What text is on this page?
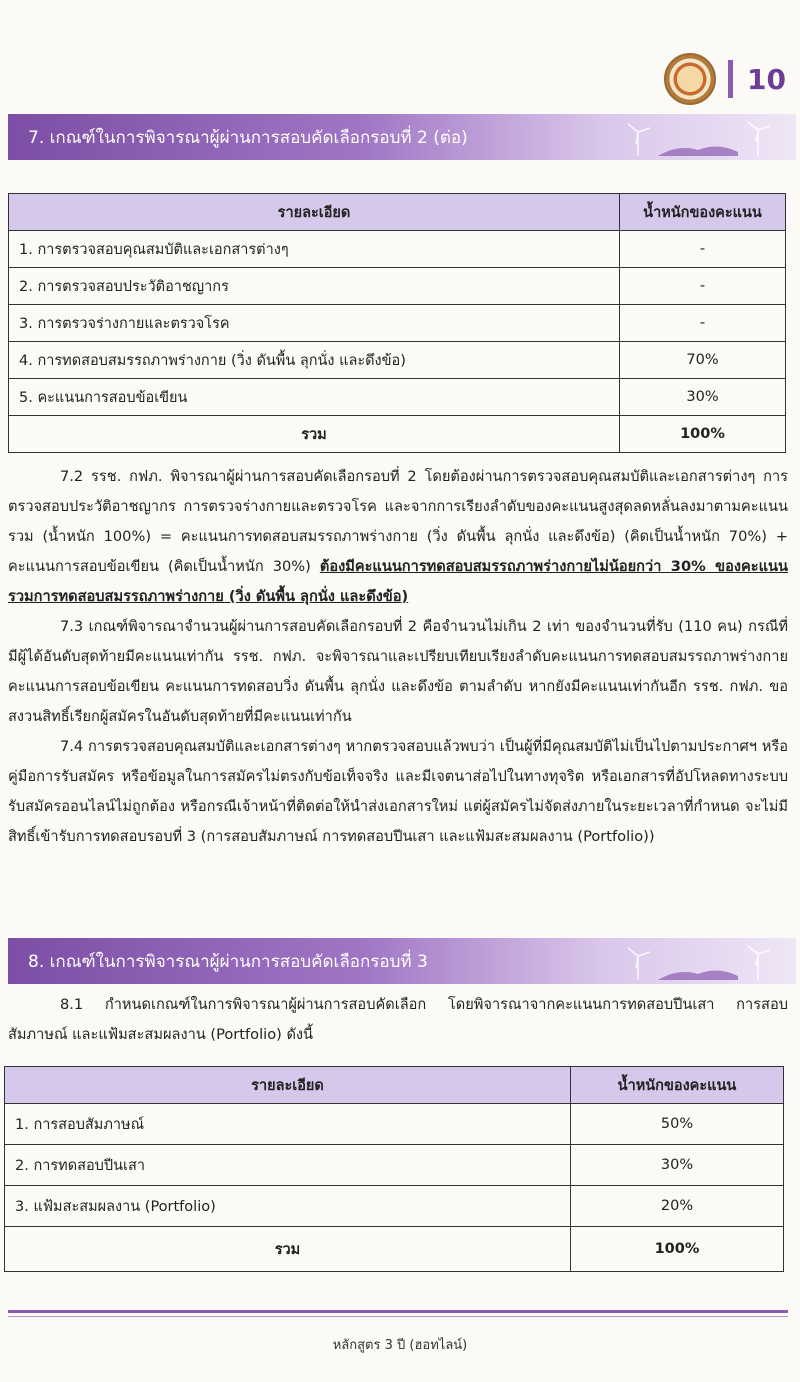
10
7. เกณฑ์ในการพิจารณาผู้ผ่านการสอบคัดเลือกรอบที่ 2 (ต่อ)
รายละเอียด	น้ำหนักของคะแนน
1. การตรวจสอบคุณสมบัติและเอกสารต่างๆ	-
2. การตรวจสอบประวัติอาชญากร	-
3. การตรวจร่างกายและตรวจโรค	-
4. การทดสอบสมรรถภาพร่างกาย (วิ่ง ดันพื้น ลุกนั่ง และดึงข้อ)	70%
5. คะแนนการสอบข้อเขียน	30%
รวม	100%

7.2 รรช. กฟภ. พิจารณาผู้ผ่านการสอบคัดเลือกรอบที่ 2 โดยต้องผ่านการตรวจสอบคุณสมบัติและเอกสารต่างๆ การตรวจสอบประวัติอาชญากร การตรวจร่างกายและตรวจโรค และจากการเรียงลำดับของคะแนนสูงสุดลดหลั่นลงมาตามคะแนนรวม (น้ำหนัก 100%) = คะแนนการทดสอบสมรรถภาพร่างกาย (วิ่ง ดันพื้น ลุกนั่ง และดึงข้อ) (คิดเป็นน้ำหนัก 70%) + คะแนนการสอบข้อเขียน (คิดเป็นน้ำหนัก 30%) ต้องมีคะแนนการทดสอบสมรรถภาพร่างกายไม่น้อยกว่า 30% ของคะแนนรวมการทดสอบสมรรถภาพร่างกาย (วิ่ง ดันพื้น ลุกนั่ง และดึงข้อ)

7.3 เกณฑ์พิจารณาจำนวนผู้ผ่านการสอบคัดเลือกรอบที่ 2 คือจำนวนไม่เกิน 2 เท่า ของจำนวนที่รับ (110 คน) กรณีที่มีผู้ได้อันดับสุดท้ายมีคะแนนเท่ากัน รรช. กฟภ. จะพิจารณาและเปรียบเทียบเรียงลำดับคะแนนการทดสอบสมรรถภาพร่างกาย คะแนนการสอบข้อเขียน คะแนนการทดสอบวิ่ง ดันพื้น ลุกนั่ง และดึงข้อ ตามลำดับ หากยังมีคะแนนเท่ากันอีก รรช. กฟภ. ขอสงวนสิทธิ์เรียกผู้สมัครในอันดับสุดท้ายที่มีคะแนนเท่ากัน

7.4 การตรวจสอบคุณสมบัติและเอกสารต่างๆ หากตรวจสอบแล้วพบว่า เป็นผู้ที่มีคุณสมบัติไม่เป็นไปตามประกาศฯ หรือคู่มือการรับสมัคร หรือข้อมูลในการสมัครไม่ตรงกับข้อเท็จจริง และมีเจตนาส่อไปในทางทุจริต หรือเอกสารที่อัปโหลดทางระบบรับสมัครออนไลน์ไม่ถูกต้อง หรือกรณีเจ้าหน้าที่ติดต่อให้นำส่งเอกสารใหม่ แต่ผู้สมัครไม่จัดส่งภายในระยะเวลาที่กำหนด จะไม่มีสิทธิ์เข้ารับการทดสอบรอบที่ 3 (การสอบสัมภาษณ์ การทดสอบปีนเสา และแฟ้มสะสมผลงาน (Portfolio))

8. เกณฑ์ในการพิจารณาผู้ผ่านการสอบคัดเลือกรอบที่ 3

8.1 กำหนดเกณฑ์ในการพิจารณาผู้ผ่านการสอบคัดเลือก โดยพิจารณาจากคะแนนการทดสอบปีนเสา การสอบสัมภาษณ์ และแฟ้มสะสมผลงาน (Portfolio) ดังนี้

รายละเอียด	น้ำหนักของคะแนน
1. การสอบสัมภาษณ์	50%
2. การทดสอบปีนเสา	30%
3. แฟ้มสะสมผลงาน (Portfolio)	20%
รวม	100%
หลักสูตร 3 ปี (ฮอทไลน์)
